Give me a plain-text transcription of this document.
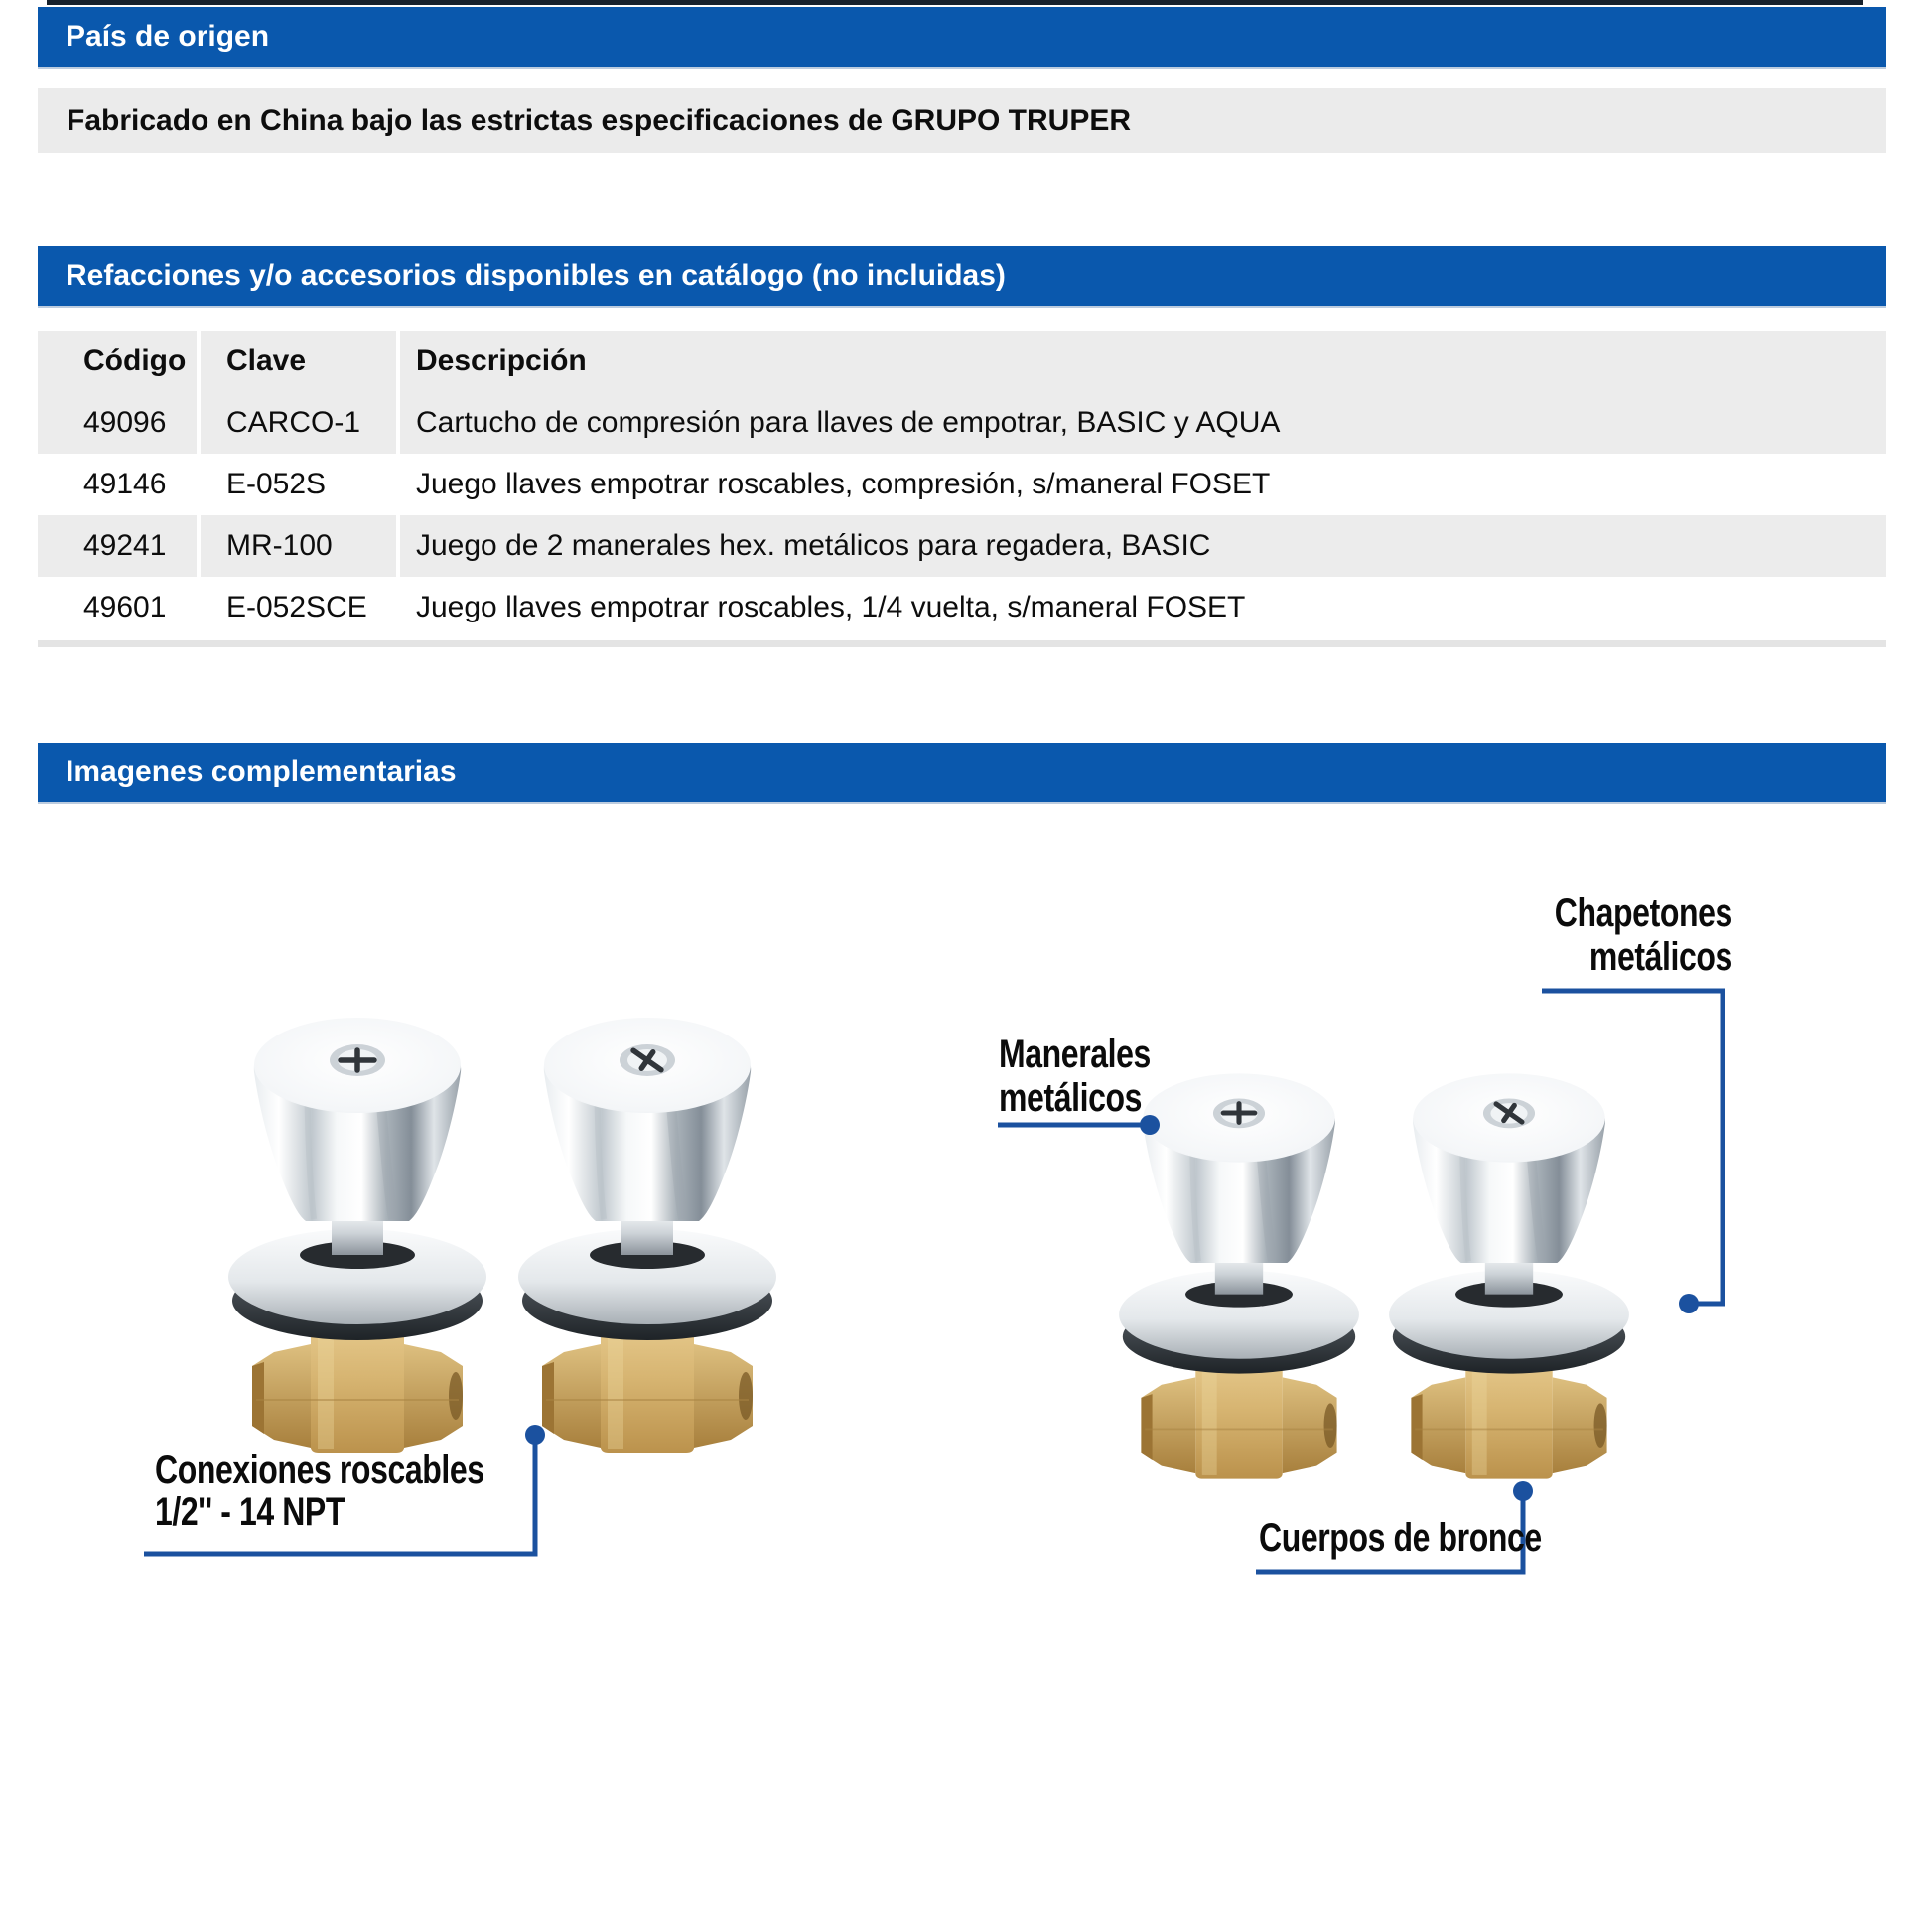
País de origen
Fabricado en China bajo las estrictas especificaciones de GRUPO TRUPER
Refacciones y/o accesorios disponibles en catálogo (no incluidas)
Código	Clave	Descripción
49096	CARCO-1	Cartucho de compresión para llaves de empotrar, BASIC y AQUA
49146	E-052S	Juego llaves empotrar roscables, compresión, s/maneral FOSET
49241	MR-100	Juego de 2 manerales hex. metálicos para regadera, BASIC
49601	E-052SCE	Juego llaves empotrar roscables, 1/4 vuelta, s/maneral FOSET
Imagenes complementarias
Chapetones
metálicos
Manerales
metálicos
Conexiones roscables
1/2'' - 14 NPT
Cuerpos de bronce
